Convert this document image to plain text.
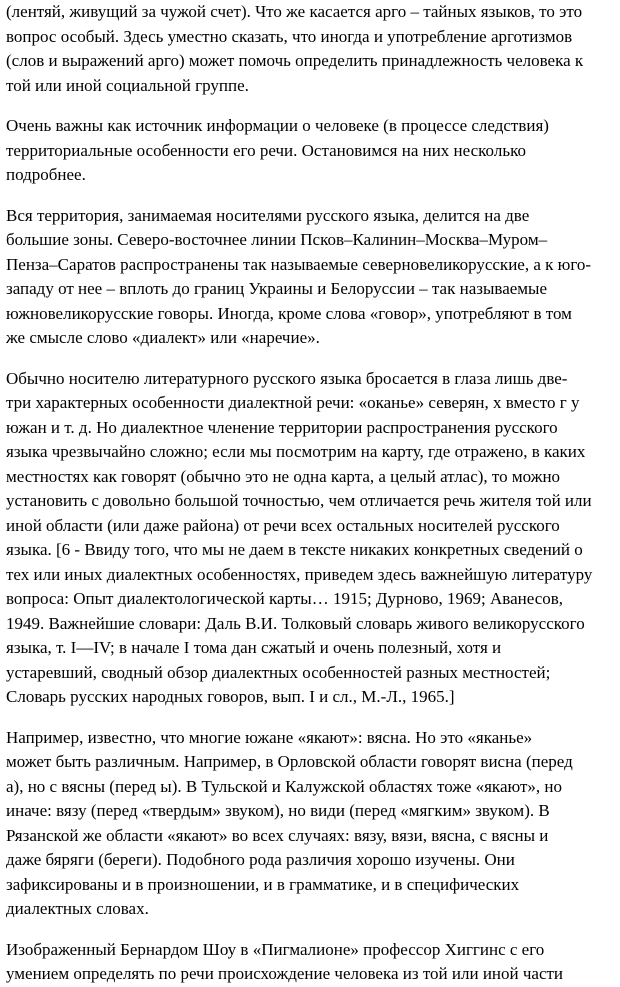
(лентяй, живущий за чужой счет). Что же касается арго – тайных языков, то это
вопрос особый. Здесь уместно сказать, что иногда и употребление арготизмов
(слов и выражений арго) может помочь определить принадлежность человека к
той или иной социальной группе.

Очень важны как источник информации о человеке (в процессе следствия)
территориальные особенности его речи. Остановимся на них несколько
подробнее.

Вся территория, занимаемая носителями русского языка, делится на две
большие зоны. Северо-восточнее линии Псков–Калинин–Москва–Муром–
Пенза–Саратов распространены так называемые северновеликорусские, а к юго-
западу от нее – вплоть до границ Украины и Белоруссии – так называемые
южновеликорусские говоры. Иногда, кроме слова «говор», употребляют в том
же смысле слово «диалект» или «наречие».

Обычно носителю литературного русского языка бросается в глаза лишь две-
три характерных особенности диалектной речи: «оканье» северян, х вместо г у
южан и т. д. Но диалектное членение территории распространения русского
языка чрезвычайно сложно; если мы посмотрим на карту, где отражено, в каких
местностях как говорят (обычно это не одна карта, а целый атлас), то можно
установить с довольно большой точностью, чем отличается речь жителя той или
иной области (или даже района) от речи всех остальных носителей русского
языка. [6 - Ввиду того, что мы не даем в тексте никаких конкретных сведений о
тех или иных диалектных особенностях, приведем здесь важнейшую литературу
вопроса: Опыт диалектологической карты… 1915; Дурново, 1969; Аванесов,
1949. Важнейшие словари: Даль В.И. Толковый словарь живого великорусского
языка, т. I—IV; в начале I тома дан сжатый и очень полезный, хотя и
устаревший, сводный обзор диалектных особенностей разных местностей;
Словарь русских народных говоров, вып. I и сл., М.-Л., 1965.]

Например, известно, что многие южане «якают»: вясна. Но это «яканье»
может быть различным. Например, в Орловской области говорят висна (перед
а), но с вясны (перед ы). В Тульской и Калужской областях тоже «якают», но
иначе: вязу (перед «твердым» звуком), но види (перед «мягким» звуком). В
Рязанской же области «якают» во всех случаях: вязу, вязи, вясна, с вясны и
даже бяряги (береги). Подобного рода различия хорошо изучены. Они
зафиксированы и в произношении, и в грамматике, и в специфических
диалектных словах.

Изображенный Бернардом Шоу в «Пигмалионе» профессор Хиггинс с его
умением определять по речи происхождение человека из той или иной части
